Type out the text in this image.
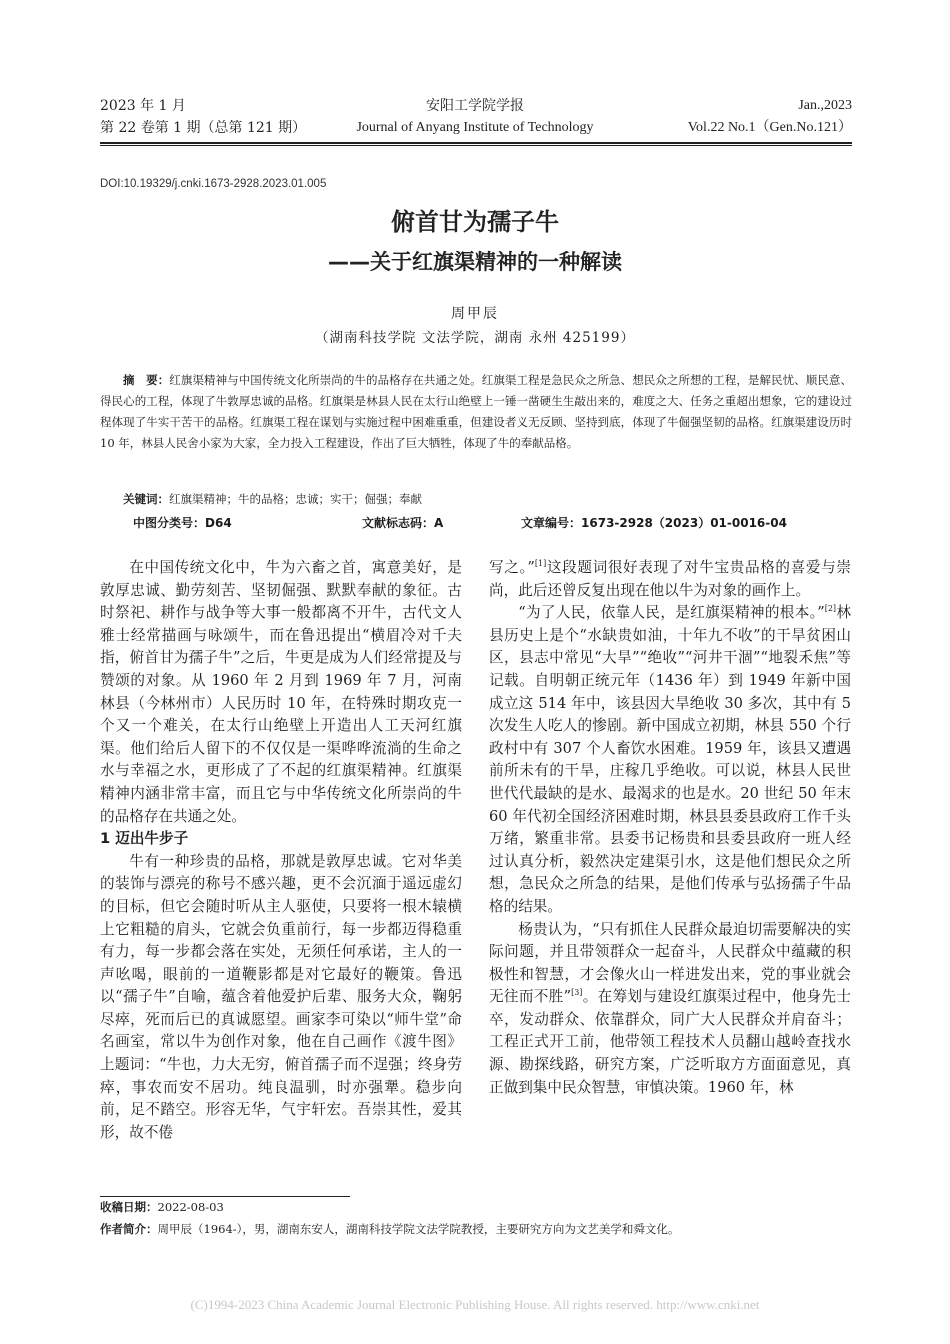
2023 年 1 月
第 22 卷第 1 期（总第 121 期）
安阳工学院学报
Journal of Anyang Institute of Technology
Jan.,2023
Vol.22 No.1（Gen.No.121）
DOI:10.19329/j.cnki.1673-2928.2023.01.005
俯首甘为孺子牛
——关于红旗渠精神的一种解读
周甲辰
（湖南科技学院 文法学院，湖南 永州 425199）
摘　要：红旗渠精神与中国传统文化所崇尚的牛的品格存在共通之处。红旗渠工程是急民众之所急、想民众之所想的工程，是解民忧、顺民意、得民心的工程，体现了牛敦厚忠诚的品格。红旗渠是林县人民在太行山绝壁上一锤一凿硬生生敲出来的，难度之大、任务之重超出想象，它的建设过程体现了牛实干苦干的品格。红旗渠工程在谋划与实施过程中困难重重，但建设者义无反顾、坚持到底，体现了牛倔强坚韧的品格。红旗渠建设历时 10 年，林县人民舍小家为大家，全力投入工程建设，作出了巨大牺牲，体现了牛的奉献品格。
关键词：红旗渠精神；牛的品格；忠诚；实干；倔强；奉献
中图分类号：D64	文献标志码：A	文章编号：1673-2928（2023）01-0016-04

在中国传统文化中，牛为六畜之首，寓意美好，是敦厚忠诚、勤劳刻苦、坚韧倔强、默默奉献的象征。古时祭祀、耕作与战争等大事一般都离不开牛，古代文人雅士经常描画与咏颂牛，而在鲁迅提出“横眉冷对千夫指，俯首甘为孺子牛”之后，牛更是成为人们经常提及与赞颂的对象。从 1960 年 2 月到 1969 年 7 月，河南林县（今林州市）人民历时 10 年，在特殊时期攻克一个又一个难关，在太行山绝壁上开造出人工天河红旗渠。他们给后人留下的不仅仅是一渠哗哗流淌的生命之水与幸福之水，更形成了了不起的红旗渠精神。红旗渠精神内涵非常丰富，而且它与中华传统文化所崇尚的牛的品格存在共通之处。

1 迈出牛步子

牛有一种珍贵的品格，那就是敦厚忠诚。它对华美的装饰与漂亮的称号不感兴趣，更不会沉湎于遥远虚幻的目标，但它会随时听从主人驱使，只要将一根木辕横上它粗糙的肩头，它就会负重前行，每一步都迈得稳重有力，每一步都会落在实处，无须任何承诺，主人的一声吆喝，眼前的一道鞭影都是对它最好的鞭策。鲁迅以“孺子牛”自喻，蕴含着他爱护后辈、服务大众，鞠躬尽瘁，死而后已的真诚愿望。画家李可染以“师牛堂”命名画室，常以牛为创作对象，他在自己画作《渡牛图》上题词：“牛也，力大无穷，俯首孺子而不逞强；终身劳瘁，事农而安不居功。纯良温驯，时亦强犟。稳步向前，足不踏空。形容无华，气宇轩宏。吾崇其性，爱其形，故不倦

写之。”[1]这段题词很好表现了对牛宝贵品格的喜爱与崇尚，此后还曾反复出现在他以牛为对象的画作上。

“为了人民，依靠人民，是红旗渠精神的根本。”[2]林县历史上是个“水缺贵如油，十年九不收”的干旱贫困山区，县志中常见“大旱”“绝收”“河井干涸”“地裂禾焦”等记载。自明朝正统元年（1436 年）到 1949 年新中国成立这 514 年中，该县因大旱绝收 30 多次，其中有 5 次发生人吃人的惨剧。新中国成立初期，林县 550 个行政村中有 307 个人畜饮水困难。1959 年，该县又遭遇前所未有的干旱，庄稼几乎绝收。可以说，林县人民世世代代最缺的是水、最渴求的也是水。20 世纪 50 年末 60 年代初全国经济困难时期，林县县委县政府工作千头万绪，繁重非常。县委书记杨贵和县委县政府一班人经过认真分析，毅然决定建渠引水，这是他们想民众之所想，急民众之所急的结果，是他们传承与弘扬孺子牛品格的结果。

杨贵认为，“只有抓住人民群众最迫切需要解决的实际问题，并且带领群众一起奋斗，人民群众中蕴藏的积极性和智慧，才会像火山一样进发出来，党的事业就会无往而不胜”[3]。在筹划与建设红旗渠过程中，他身先士卒，发动群众、依靠群众，同广大人民群众并肩奋斗；工程正式开工前，他带领工程技术人员翻山越岭查找水源、勘探线路，研究方案，广泛听取方方面面意见，真正做到集中民众智慧，审慎决策。1960 年，林

收稿日期：2022-08-03
作者简介：周甲辰（1964-），男，湖南东安人，湖南科技学院文法学院教授，主要研究方向为文艺美学和舜文化。
(C)1994-2023 China Academic Journal Electronic Publishing House. All rights reserved. http://www.cnki.net
